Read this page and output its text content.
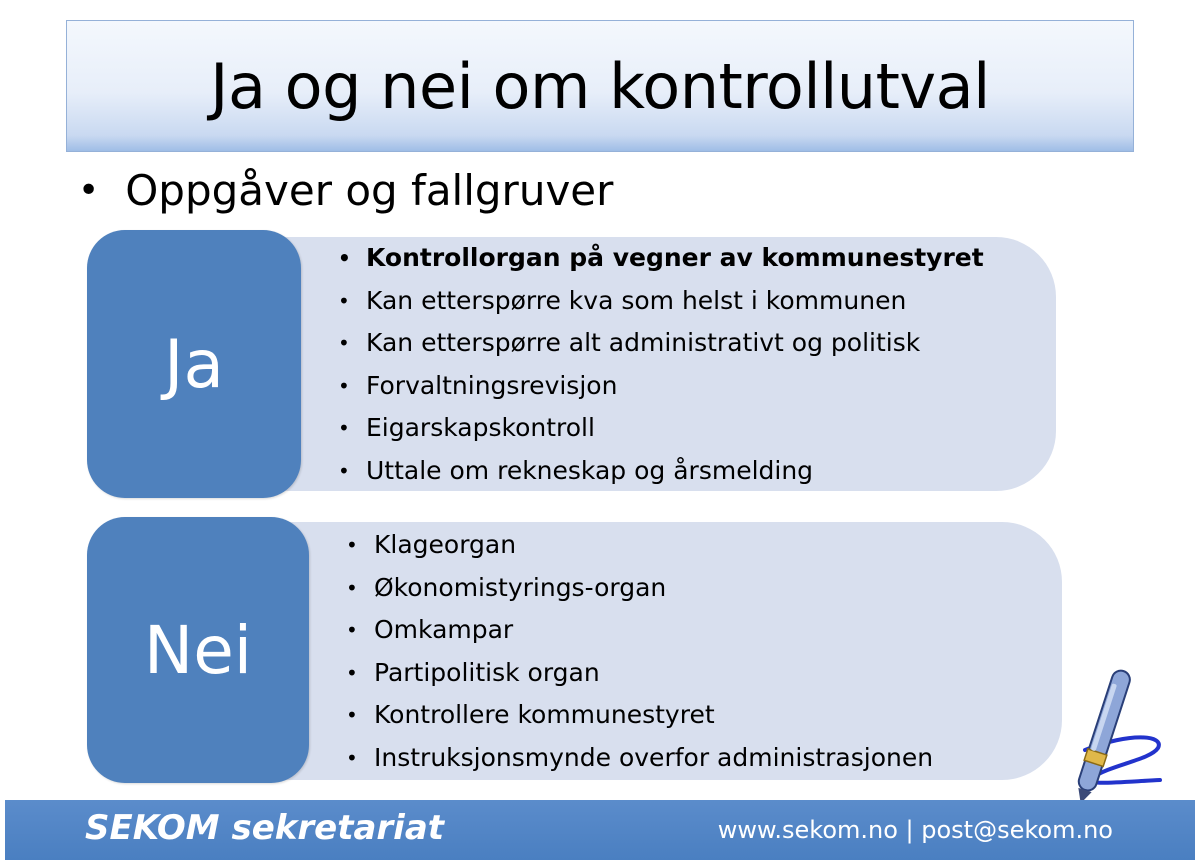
Ja og nei om kontrollutval
• Oppgåver og fallgruver
• Kontrollorgan på vegner av kommunestyret
• Kan etterspørre kva som helst i kommunen
• Kan etterspørre alt administrativt og politisk
• Forvaltningsrevisjon
• Eigarskapskontroll
• Uttale om rekneskap og årsmelding
Ja
• Klageorgan
• Økonomistyrings-organ
• Omkampar
• Partipolitisk organ
• Kontrollere kommunestyret
• Instruksjonsmynde overfor administrasjonen
Nei
SEKOM sekretariat	www.sekom.no | post@sekom.no
